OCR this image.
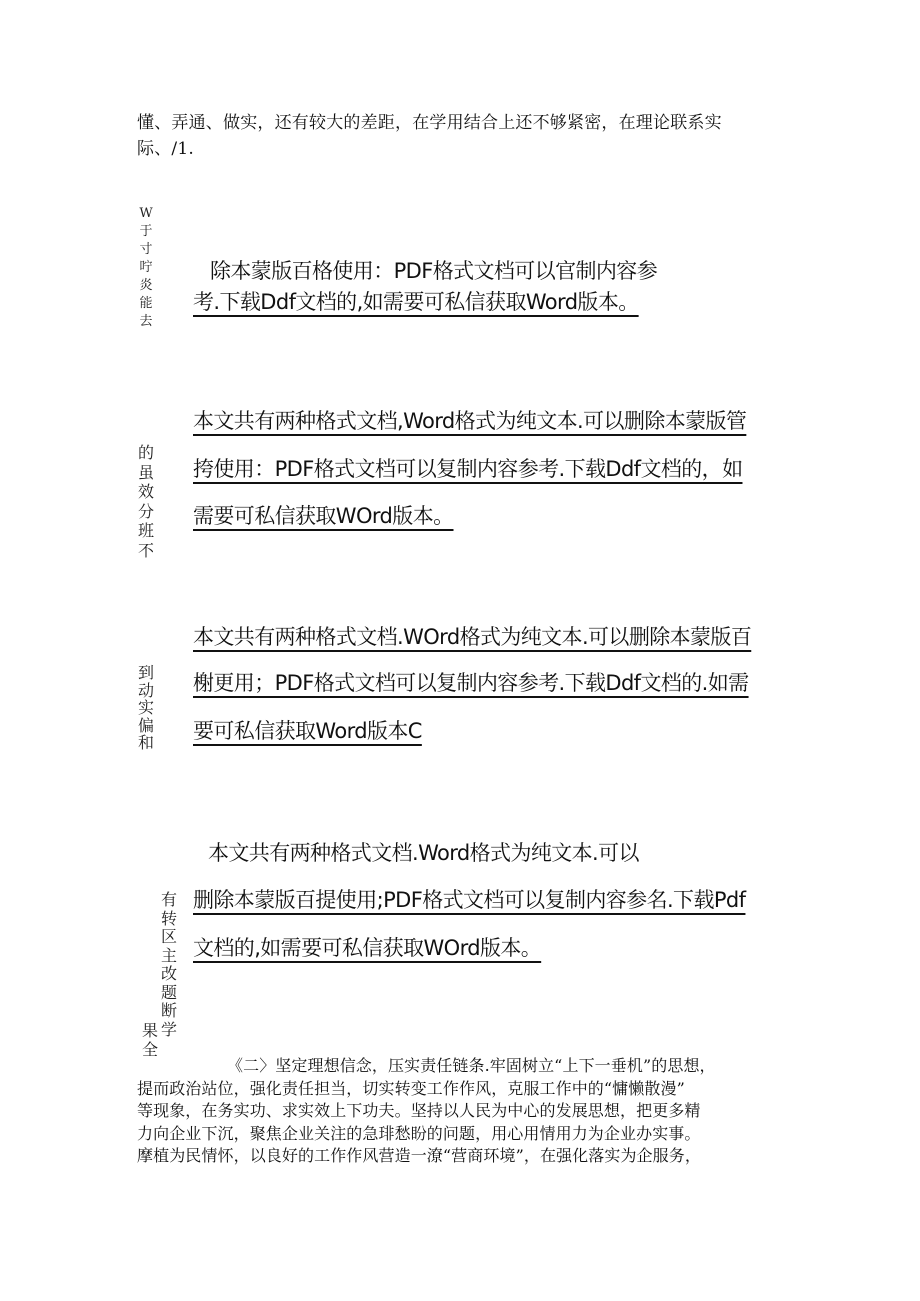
懂、弄通、做实，还有较大的差距，在学用结合上还不够紧密，在理论联系实
际、/1.
W
于
寸
咛
炎
能
去
的
虽
效
分
班
不
到
动
实
偏
和
有
转
区
主
改
题
断
学
果
全
除本蒙版百格使用：PDF格式文档可以官制内容参
考.下载Ddf文档的,如需要可私信获取Word版本。
本文共有两种格式文档,Word格式为纯文本.可以删除本蒙版管
挎使用：PDF格式文档可以复制内容参考.下载Ddf文档的，如
需要可私信获取WOrd版本。
本文共有两种格式文档.WOrd格式为纯文本.可以删除本蒙版百
榭更用；PDF格式文档可以复制内容参考.下载Ddf文档的.如需
要可私信获取Word版本C
本文共有两种格式文档.Word格式为纯文本.可以
删除本蒙版百提使用;PDF格式文档可以复制内容参名.下载Pdf
文档的,如需要可私信获取WOrd版本。
《二〉坚定理想信念，压实责任链条.牢固树立“上下一垂机”的思想，
提而政治站位，强化责任担当，切实转变工作作风，克服工作中的“慵懒散漫”
等现象，在务实功、求实效上下功夫。坚持以人民为中心的发展思想，把更多精
力向企业下沉，聚焦企业关注的急琲愁盼的问题，用心用情用力为企业办实事。
摩植为民情怀，以良好的工作作风营造一潦“营商环境”，在强化落实为企服务，
